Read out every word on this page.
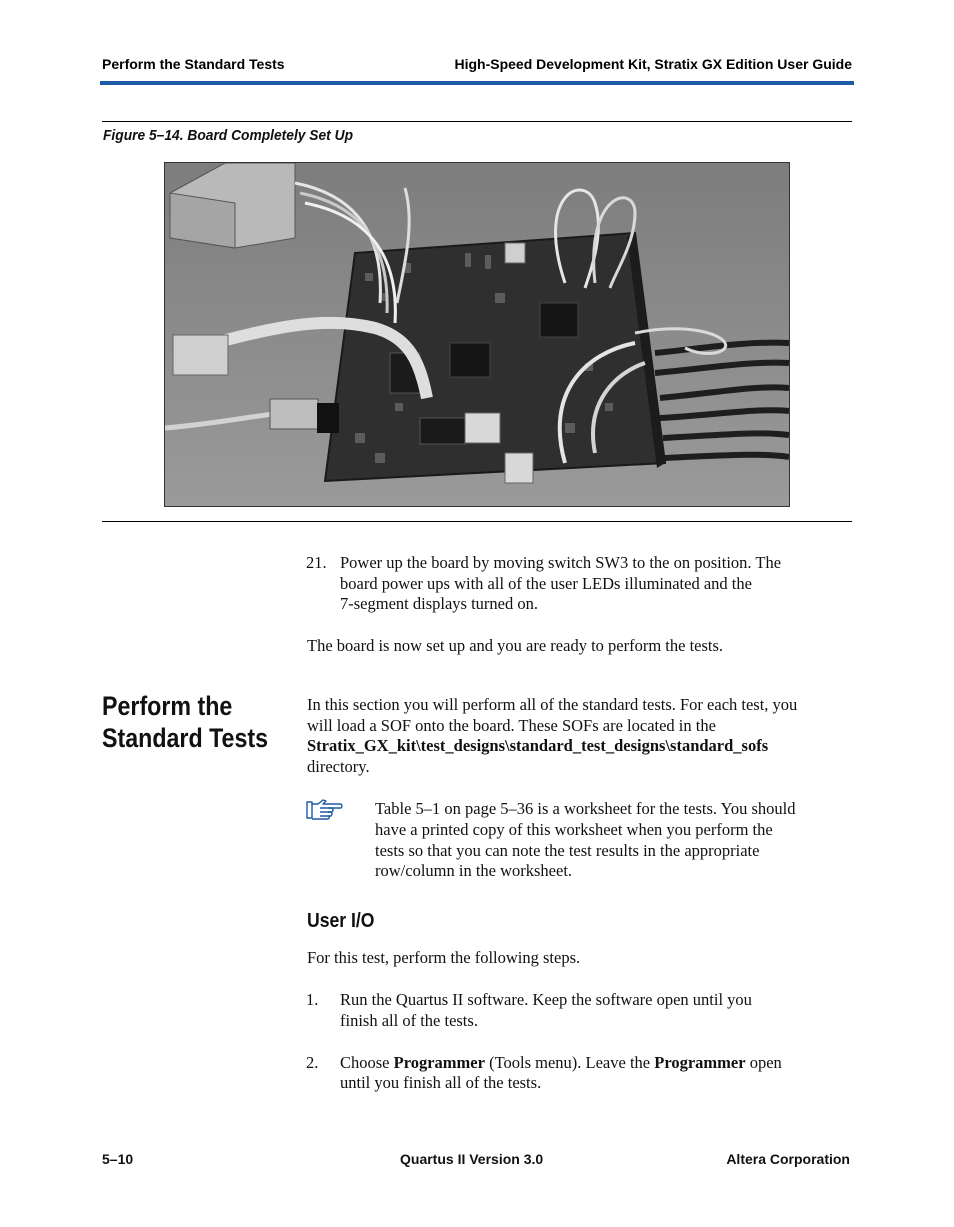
Perform the Standard Tests	High-Speed Development Kit, Stratix GX Edition User Guide
Figure 5–14. Board Completely Set Up
21. Power up the board by moving switch SW3 to the on position. The
board power ups with all of the user LEDs illuminated and the
7-segment displays turned on.
The board is now set up and you are ready to perform the tests.
Perform the
Standard Tests
In this section you will perform all of the standard tests. For each test, you
will load a SOF onto the board. These SOFs are located in the
Stratix_GX_kit\test_designs\standard_test_designs\standard_sofs
directory.
Table 5–1 on page 5–36 is a worksheet for the tests. You should
have a printed copy of this worksheet when you perform the
tests so that you can note the test results in the appropriate
row/column in the worksheet.
User I/O
For this test, perform the following steps.
1. Run the Quartus II software. Keep the software open until you
finish all of the tests.
2. Choose Programmer (Tools menu). Leave the Programmer open
until you finish all of the tests.
5–10	Quartus II Version 3.0	Altera Corporation
